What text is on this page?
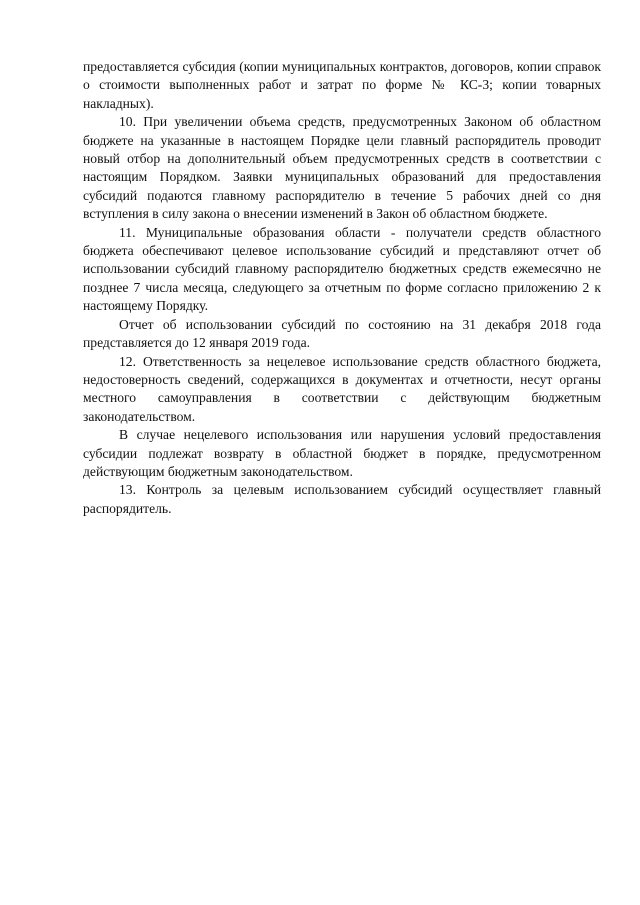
предоставляется субсидия (копии муниципальных контрактов, договоров, копии справок о стоимости выполненных работ и затрат по форме № КС-3; копии товарных накладных).

10. При увеличении объема средств, предусмотренных Законом об областном бюджете на указанные в настоящем Порядке цели главный распорядитель проводит новый отбор на дополнительный объем предусмотренных средств в соответствии с настоящим Порядком. Заявки муниципальных образований для предоставления субсидий подаются главному распорядителю в течение 5 рабочих дней со дня вступления в силу закона о внесении изменений в Закон об областном бюджете.

11. Муниципальные образования области - получатели средств областного бюджета обеспечивают целевое использование субсидий и представляют отчет об использовании субсидий главному распорядителю бюджетных средств ежемесячно не позднее 7 числа месяца, следующего за отчетным по форме согласно приложению 2 к настоящему Порядку.

Отчет об использовании субсидий по состоянию на 31 декабря 2018 года представляется до 12 января 2019 года.

12. Ответственность за нецелевое использование средств областного бюджета, недостоверность сведений, содержащихся в документах и отчетности, несут органы местного самоуправления в соответствии с действующим бюджетным законодательством.

В случае нецелевого использования или нарушения условий предоставления субсидии подлежат возврату в областной бюджет в порядке, предусмотренном действующим бюджетным законодательством.

13. Контроль за целевым использованием субсидий осуществляет главный распорядитель.
